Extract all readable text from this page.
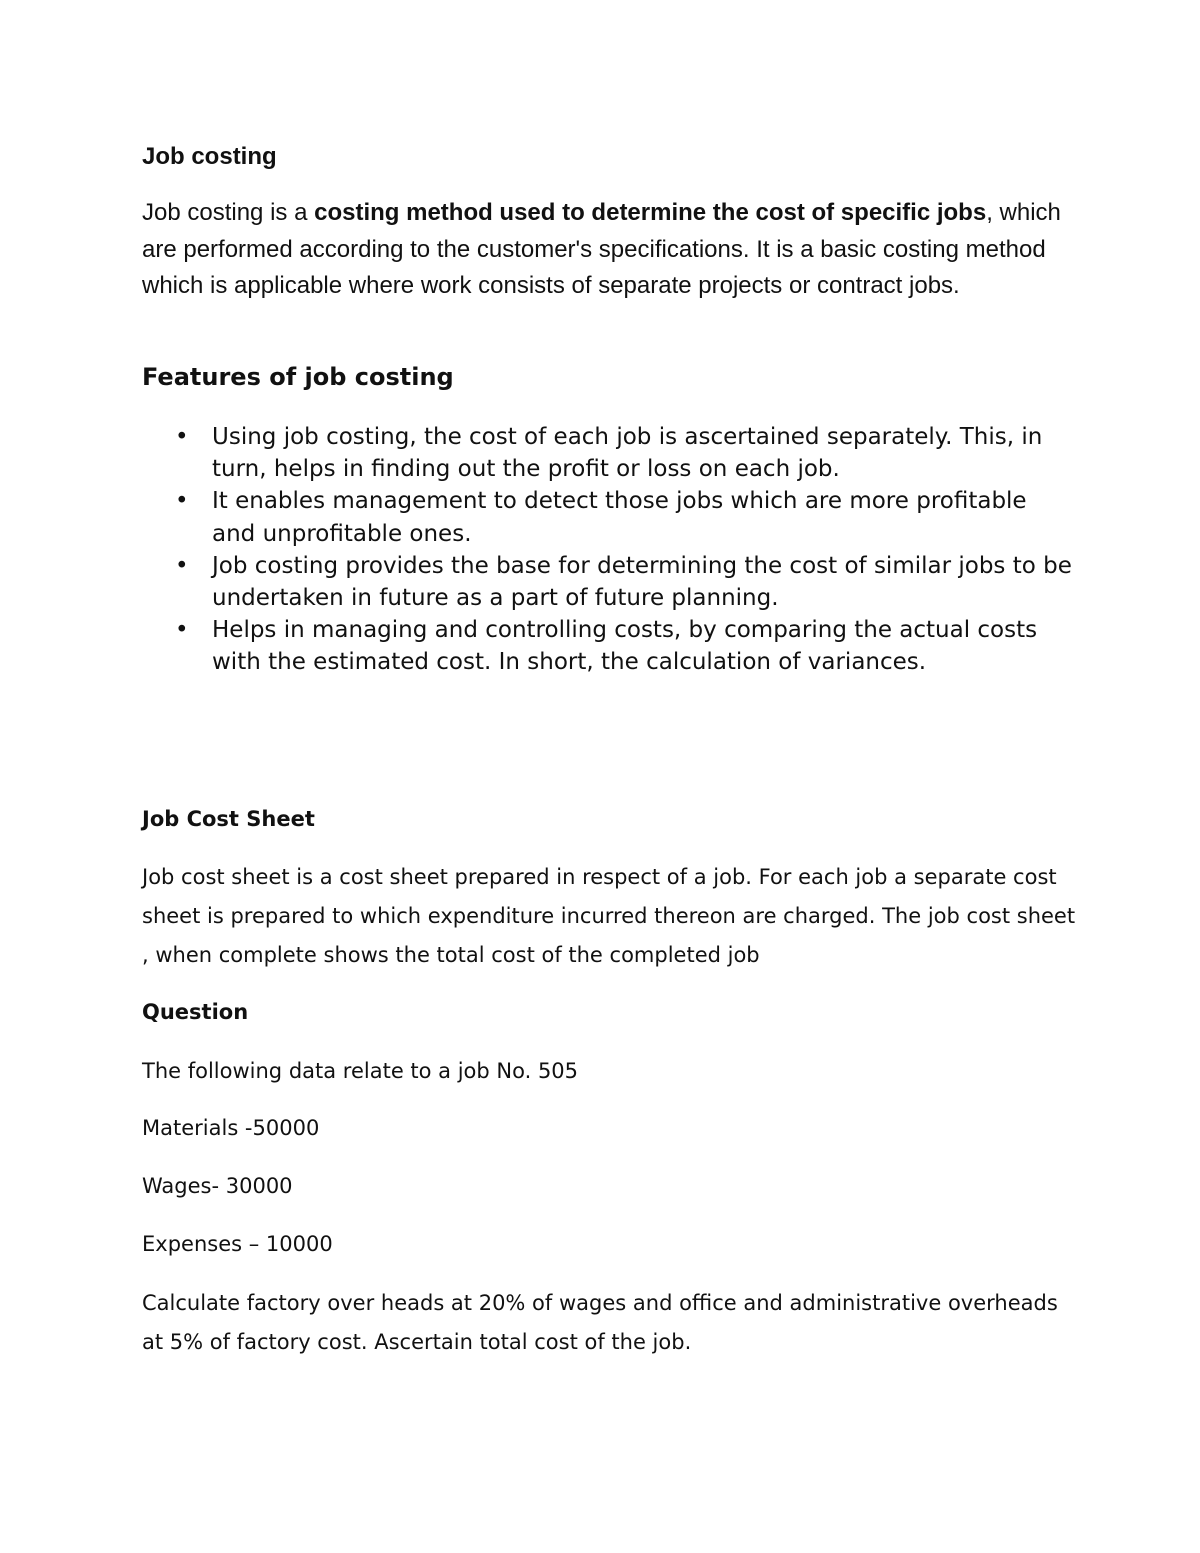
Job costing

Job costing is a costing method used to determine the cost of specific jobs, which are performed according to the customer's specifications. It is a basic costing method which is applicable where work consists of separate projects or contract jobs.

Features of job costing
• Using job costing, the cost of each job is ascertained separately. This, in turn, helps in finding out the profit or loss on each job.
• It enables management to detect those jobs which are more profitable and unprofitable ones.
• Job costing provides the base for determining the cost of similar jobs to be undertaken in future as a part of future planning.
• Helps in managing and controlling costs, by comparing the actual costs with the estimated cost. In short, the calculation of variances.
Job Cost Sheet

Job cost sheet is a cost sheet prepared in respect of a job. For each job a separate cost sheet is prepared to which expenditure incurred thereon are charged. The job cost sheet , when complete shows the total cost of the completed job

Question

The following data relate to a job No. 505

Materials -50000

Wages- 30000

Expenses – 10000

Calculate factory over heads at 20% of wages and office and administrative overheads at 5% of factory cost. Ascertain total cost of the job.
